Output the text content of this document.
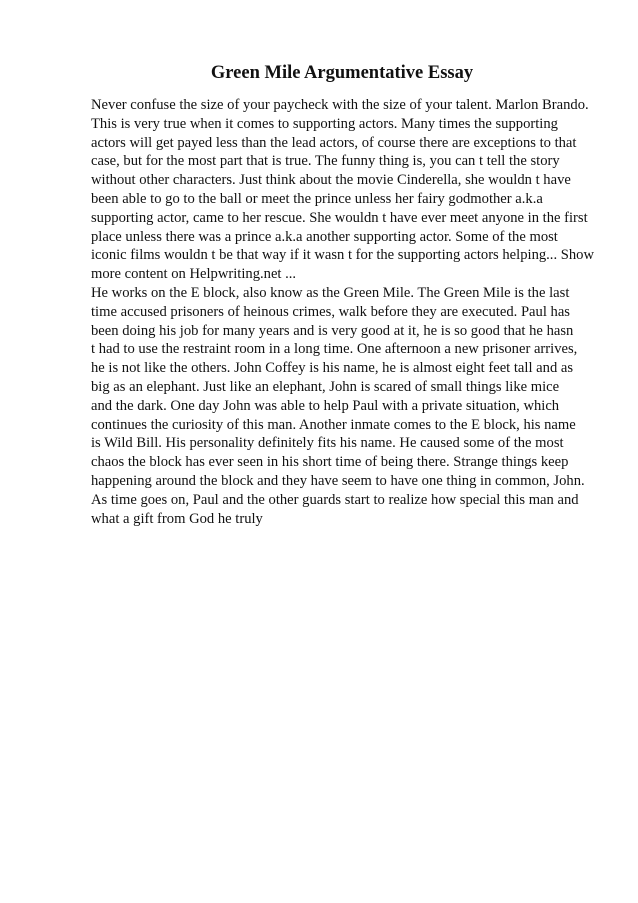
Green Mile Argumentative Essay
Never confuse the size of your paycheck with the size of your talent. Marlon Brando.
This is very true when it comes to supporting actors. Many times the supporting
actors will get payed less than the lead actors, of course there are exceptions to that
case, but for the most part that is true. The funny thing is, you can t tell the story
without other characters. Just think about the movie Cinderella, she wouldn t have
been able to go to the ball or meet the prince unless her fairy godmother a.k.a
supporting actor, came to her rescue. She wouldn t have ever meet anyone in the first
place unless there was a prince a.k.a another supporting actor. Some of the most
iconic films wouldn t be that way if it wasn t for the supporting actors helping... Show
more content on Helpwriting.net ...
He works on the E block, also know as the Green Mile. The Green Mile is the last
time accused prisoners of heinous crimes, walk before they are executed. Paul has
been doing his job for many years and is very good at it, he is so good that he hasn
t had to use the restraint room in a long time. One afternoon a new prisoner arrives,
he is not like the others. John Coffey is his name, he is almost eight feet tall and as
big as an elephant. Just like an elephant, John is scared of small things like mice
and the dark. One day John was able to help Paul with a private situation, which
continues the curiosity of this man. Another inmate comes to the E block, his name
is Wild Bill. His personality definitely fits his name. He caused some of the most
chaos the block has ever seen in his short time of being there. Strange things keep
happening around the block and they have seem to have one thing in common, John.
As time goes on, Paul and the other guards start to realize how special this man and
what a gift from God he truly
